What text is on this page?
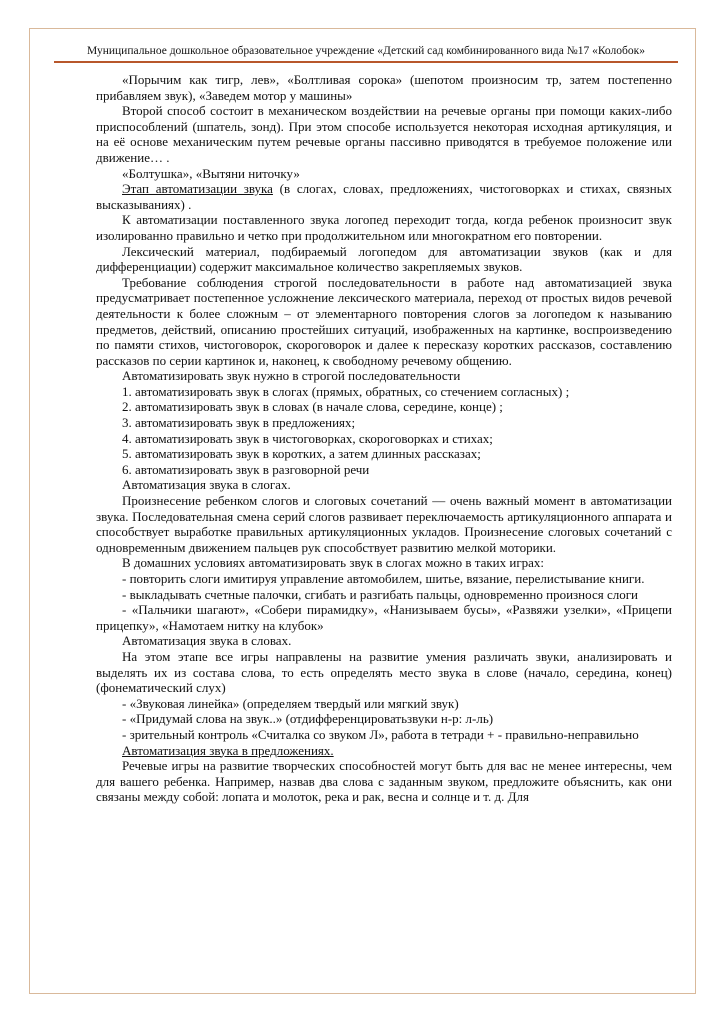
Муниципальное дошкольное образовательное учреждение «Детский сад комбинированного вида №17 «Колобок»

«Порычим как тигр, лев», «Болтливая сорока» (шепотом произносим тр, затем постепенно прибавляем звук), «Заведем мотор у машины»

Второй способ состоит в механическом воздействии на речевые органы при помощи каких-либо приспособлений (шпатель, зонд). При этом способе используется некоторая исходная артикуляция, и на её основе механическим путем речевые органы пассивно приводятся в требуемое положение или движение… .

«Болтушка», «Вытяни ниточку»

Этап автоматизации звука (в слогах, словах, предложениях, чистоговорках и стихах, связных высказываниях) .

К автоматизации поставленного звука логопед переходит тогда, когда ребенок произносит звук изолированно правильно и четко при продолжительном или многократном его повторении.

Лексический материал, подбираемый логопедом для автоматизации звуков (как и для дифференциации) содержит максимальное количество закрепляемых звуков.

Требование соблюдения строгой последовательности в работе над автоматизацией звука предусматривает постепенное усложнение лексического материала, переход от простых видов речевой деятельности к более сложным – от элементарного повторения слогов за логопедом к называнию предметов, действий, описанию простейших ситуаций, изображенных на картинке, воспроизведению по памяти стихов, чистоговорок, скороговорок и далее к пересказу коротких рассказов, составлению рассказов по серии картинок и, наконец, к свободному речевому общению.

Автоматизировать звук нужно в строгой последовательности

1. автоматизировать звук в слогах (прямых, обратных, со стечением согласных) ;

2. автоматизировать звук в словах (в начале слова, середине, конце) ;

3. автоматизировать звук в предложениях;

4. автоматизировать звук в чистоговорках, скороговорках и стихах;

5. автоматизировать звук в коротких, а затем длинных рассказах;

6. автоматизировать звук в разговорной речи

Автоматизация звука в слогах.

Произнесение ребенком слогов и слоговых сочетаний — очень важный момент в автоматизации звука. Последовательная смена серий слогов развивает переключаемость артикуляционного аппарата и способствует выработке правильных артикуляционных укладов. Произнесение слоговых сочетаний с одновременным движением пальцев рук способствует развитию мелкой моторики.

В домашних условиях автоматизировать звук в слогах можно в таких играх:

- повторить слоги имитируя управление автомобилем, шитье, вязание, перелистывание книги.

- выкладывать счетные палочки, сгибать и разгибать пальцы, одновременно произнося слоги

- «Пальчики шагают», «Собери пирамидку», «Нанизываем бусы», «Развяжи узелки», «Прицепи прицепку», «Намотаем нитку на клубок»

Автоматизация звука в словах.

На этом этапе все игры направлены на развитие умения различать звуки, анализировать и выделять их из состава слова, то есть определять место звука в слове (начало, середина, конец) (фонематический слух)

- «Звуковая линейка» (определяем твердый или мягкий звук)

- «Придумай слова на звук..» (отдифференцироватьзвуки н-р: л-ль)

- зрительный контроль «Считалка со звуком Л», работа в тетради + - правильно-неправильно

Автоматизация звука в предложениях.

Речевые игры на развитие творческих способностей могут быть для вас не менее интересны, чем для вашего ребенка. Например, назвав два слова с заданным звуком, предложите объяснить, как они связаны между собой: лопата и молоток, река и рак, весна и солнце и т. д. Для
